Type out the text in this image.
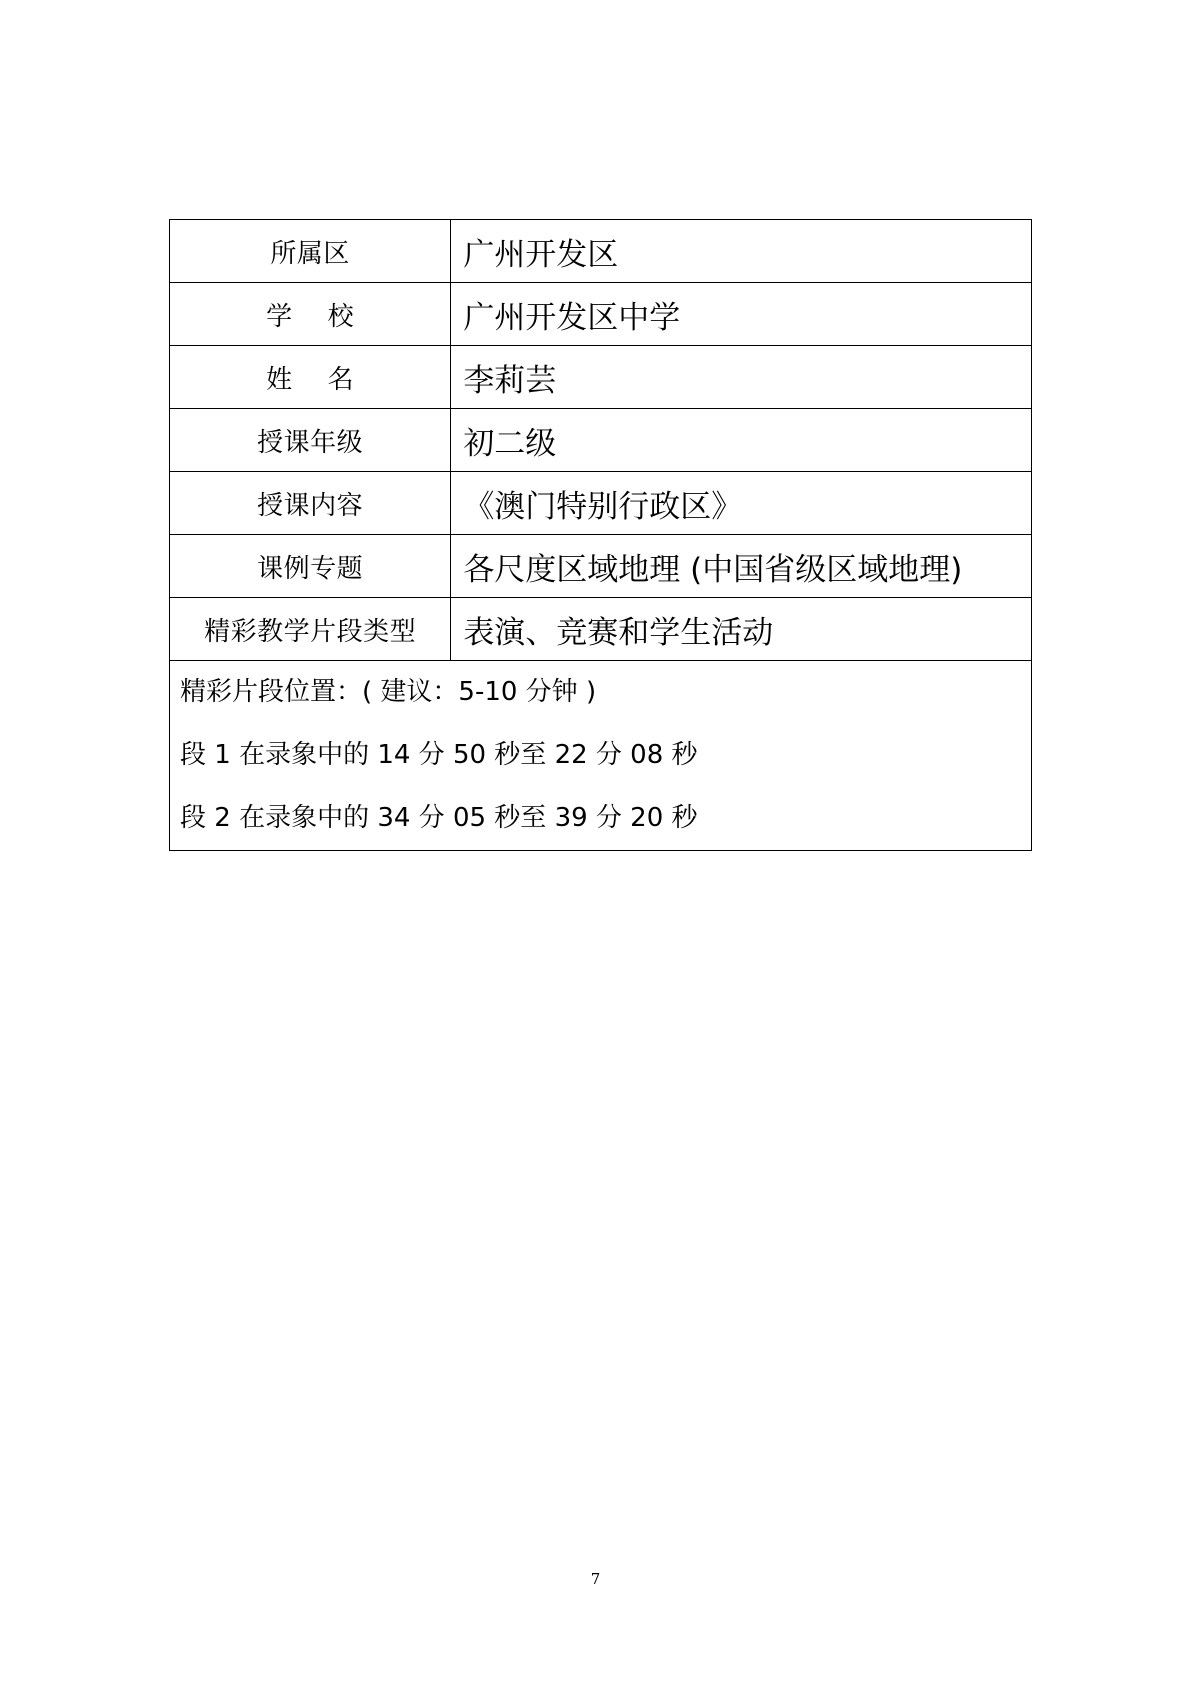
所属区	广州开发区
学    校	广州开发区中学
姓    名	李莉芸
授课年级	初二级
授课内容	《澳门特别行政区》
课例专题	各尺度区域地理 (中国省级区域地理)
精彩教学片段类型	表演、竞赛和学生活动

精彩片段位置：( 建议：5-10 分钟 )
段 1 在录象中的 14 分 50 秒至 22 分 08 秒
段 2 在录象中的 34 分 05 秒至 39 分 20 秒	
7
